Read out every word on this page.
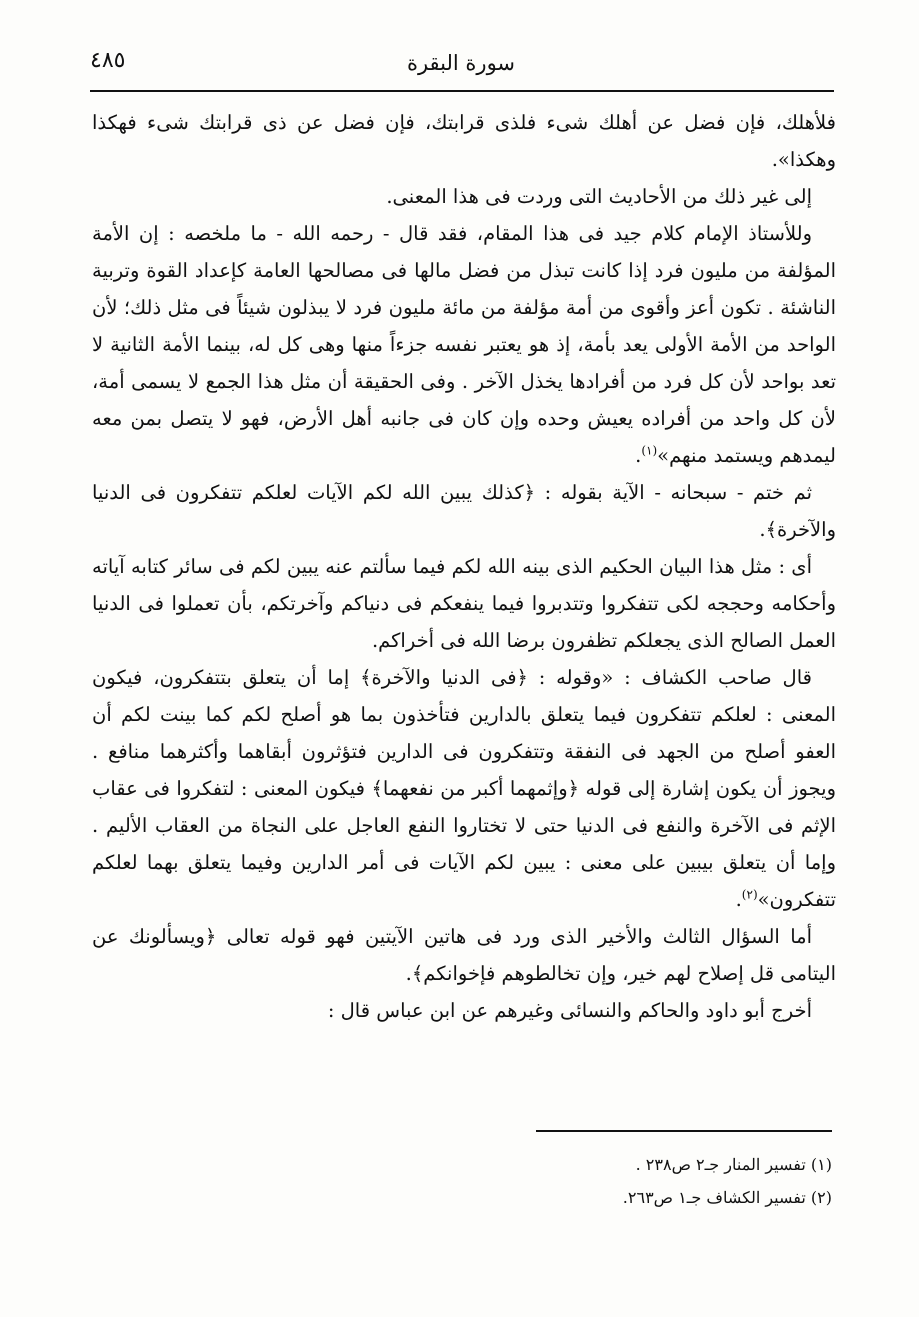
سورة البقرة
٤٨٥

فلأهلك، فإن فضل عن أهلك شىء فلذى قرابتك، فإن فضل عن ذى قرابتك شىء فهكذا وهكذا».

إلى غير ذلك من الأحاديث التى وردت فى هذا المعنى.

وللأستاذ الإمام كلام جيد فى هذا المقام، فقد قال - رحمه الله - ما ملخصه : إن الأمة المؤلفة من مليون فرد إذا كانت تبذل من فضل مالها فى مصالحها العامة كإعداد القوة وتربية الناشئة . تكون أعز وأقوى من أمة مؤلفة من مائة مليون فرد لا يبذلون شيئاً فى مثل ذلك؛ لأن الواحد من الأمة الأولى يعد بأمة، إذ هو يعتبر نفسه جزءاً منها وهى كل له، بينما الأمة الثانية لا تعد بواحد لأن كل فرد من أفرادها يخذل الآخر . وفى الحقيقة أن مثل هذا الجمع لا يسمى أمة، لأن كل واحد من أفراده يعيش وحده وإن كان فى جانبه أهل الأرض، فهو لا يتصل بمن معه ليمدهم ويستمد منهم»$^{(١)}$.

ثم ختم - سبحانه - الآية بقوله : ﴿كذلك يبين الله لكم الآيات لعلكم تتفكرون فى الدنيا والآخرة﴾.

أى : مثل هذا البيان الحكيم الذى بينه الله لكم فيما سألتم عنه يبين لكم فى سائر كتابه آياته وأحكامه وحججه لكى تتفكروا وتتدبروا فيما ينفعكم فى دنياكم وآخرتكم، بأن تعملوا فى الدنيا العمل الصالح الذى يجعلكم تظفرون برضا الله فى أخراكم.

قال صاحب الكشاف : «وقوله : ﴿فى الدنيا والآخرة﴾ إما أن يتعلق بتتفكرون، فيكون المعنى : لعلكم تتفكرون فيما يتعلق بالدارين فتأخذون بما هو أصلح لكم كما بينت لكم أن العفو أصلح من الجهد فى النفقة وتتفكرون فى الدارين فتؤثرون أبقاهما وأكثرهما منافع . ويجوز أن يكون إشارة إلى قوله ﴿وإثمهما أكبر من نفعهما﴾ فيكون المعنى : لتفكروا فى عقاب الإثم فى الآخرة والنفع فى الدنيا حتى لا تختاروا النفع العاجل على النجاة من العقاب الأليم . وإما أن يتعلق بيبين على معنى : يبين لكم الآيات فى أمر الدارين وفيما يتعلق بهما لعلكم تتفكرون»$^{(٢)}$.

أما السؤال الثالث والأخير الذى ورد فى هاتين الآيتين فهو قوله تعالى ﴿ويسألونك عن اليتامى قل إصلاح لهم خير، وإن تخالطوهم فإخوانكم﴾.

أخرج أبو داود والحاكم والنسائى وغيرهم عن ابن عباس قال :

(١) تفسير المنار جـ٢ ص٢٣٨ .
(٢) تفسير الكشاف جـ١ ص٢٦٣.
